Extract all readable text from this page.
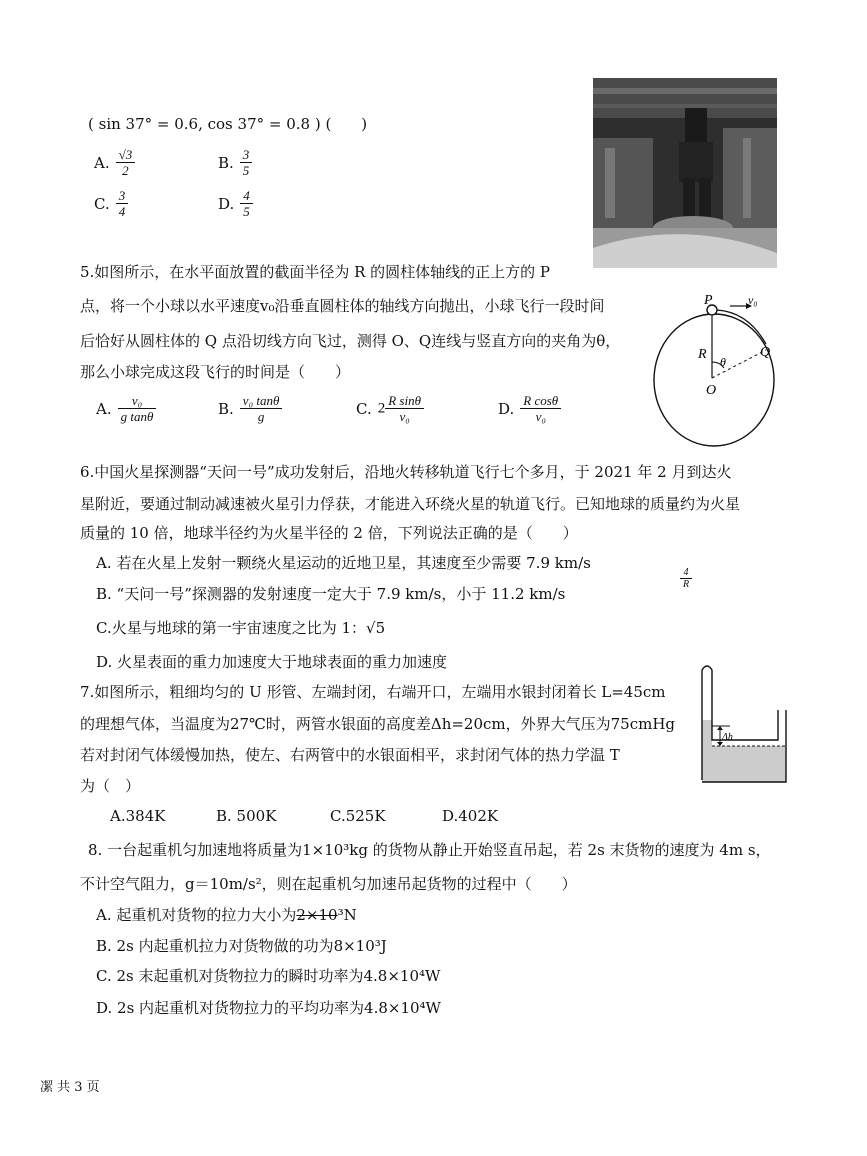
( sin 37° = 0.6, cos 37° = 0.8 ) (　　)
A. $\frac{√3}{2}$	B. $\frac{3}{5}$
C. $\frac{3}{4}$	D. $\frac{4}{5}$
5.如图所示，在水平面放置的截面半径为 R 的圆柱体轴线的正上方的 P
点，将一个小球以水平速度v₀沿垂直圆柱体的轴线方向抛出，小球飞行一段时间
后恰好从圆柱体的 Q 点沿切线方向飞过，测得 O、Q连线与竖直方向的夹角为θ，
那么小球完成这段飞行的时间是（　　）
A. $\frac{\text{v₀}}{\text{g tanθ}}$	B. $\frac{\text{v₀ tanθ}}{g}$	C. $2 \frac{\text{R sinθ}}{\text{v₀}}$	D. $\frac{\text{R cosθ}}{\text{v₀}}$
P	v₀
R θ
Q
O
6.中国火星探测器“天问一号”成功发射后，沿地火转移轨道飞行七个多月，于 2021 年 2 月到达火
星附近，要通过制动减速被火星引力俘获，才能进入环绕火星的轨道飞行。已知地球的质量约为火星
质量的 10 倍，地球半径约为火星半径的 2 倍，下列说法正确的是（　　）
A. 若在火星上发射一颗绕火星运动的近地卫星，其速度至少需要 7.9 km/s
B. “天问一号”探测器的发射速度一定大于 7.9 km/s，小于 11.2 km/s
C.火星与地球的第一宇宙速度之比为 1：√5
D. 火星表面的重力加速度大于地球表面的重力加速度
$\frac{4}{R}$
7.如图所示，粗细均匀的 U 形管、左端封闭，右端开口，左端用水银封闭着长 L=45cm
的理想气体，当温度为27℃时，两管水银面的高度差Δh=20cm，外界大气压为75cmHg
若对封闭气体缓慢加热，使左、右两管中的水银面相平，求封闭气体的热力学温 T
为（　）
A.384K	B. 500K	C.525K	D.402K
Δh
8. 一台起重机匀加速地将质量为1×10³kg 的货物从静止开始竖直吊起，若 2s 末货物的速度为 4m s，
不计空气阻力，g＝10m/s²，则在起重机匀加速吊起货物的过程中（　　）
A. 起重机对货物的拉力大小为2×10³N
B. 2s 内起重机拉力对货物做的功为8×10³J
C. 2s 末起重机对货物拉力的瞬时功率为4.8×10⁴W
D. 2s 内起重机对货物拉力的平均功率为4.8×10⁴W
㓗 共 3 页
